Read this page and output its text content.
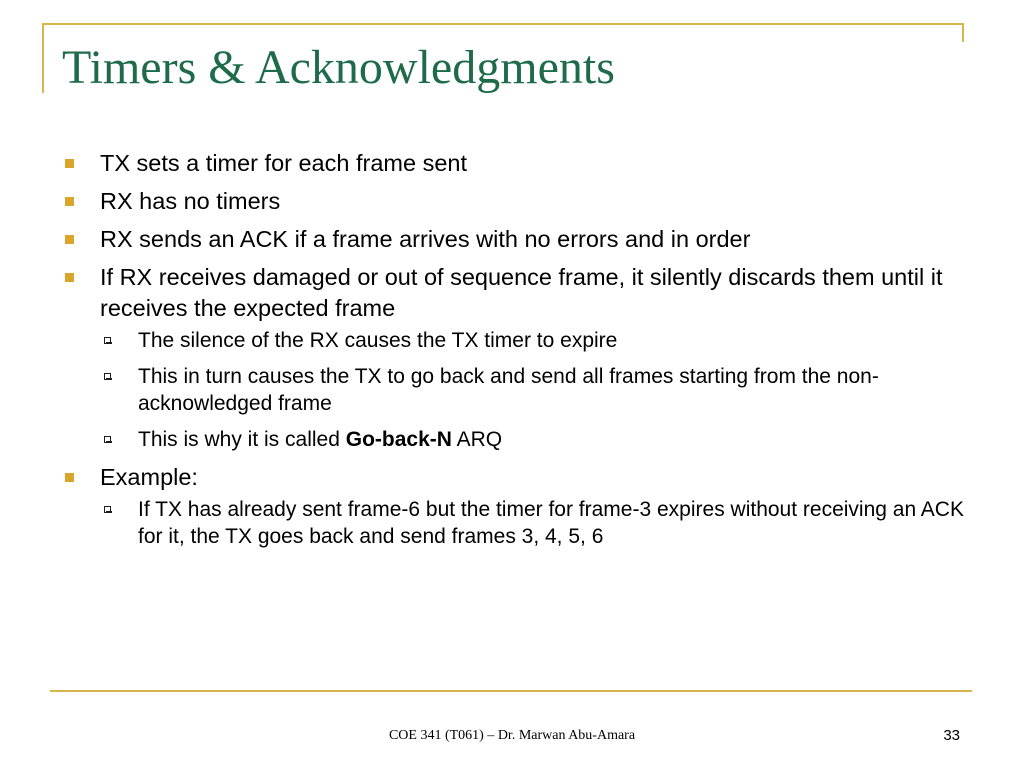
Timers & Acknowledgments
TX sets a timer for each frame sent
RX has no timers
RX sends an ACK if a frame arrives with no errors and in order
If RX receives damaged or out of sequence frame, it silently discards them until it receives the expected frame
The silence of the RX causes the TX timer to expire
This in turn causes the TX to go back and send all frames starting from the non-acknowledged frame
This is why it is called Go-back-N ARQ
Example:
If TX has already sent frame-6 but the timer for frame-3 expires without receiving an ACK for it, the TX goes back and send frames 3, 4, 5, 6
COE 341 (T061) – Dr. Marwan Abu-Amara	33
